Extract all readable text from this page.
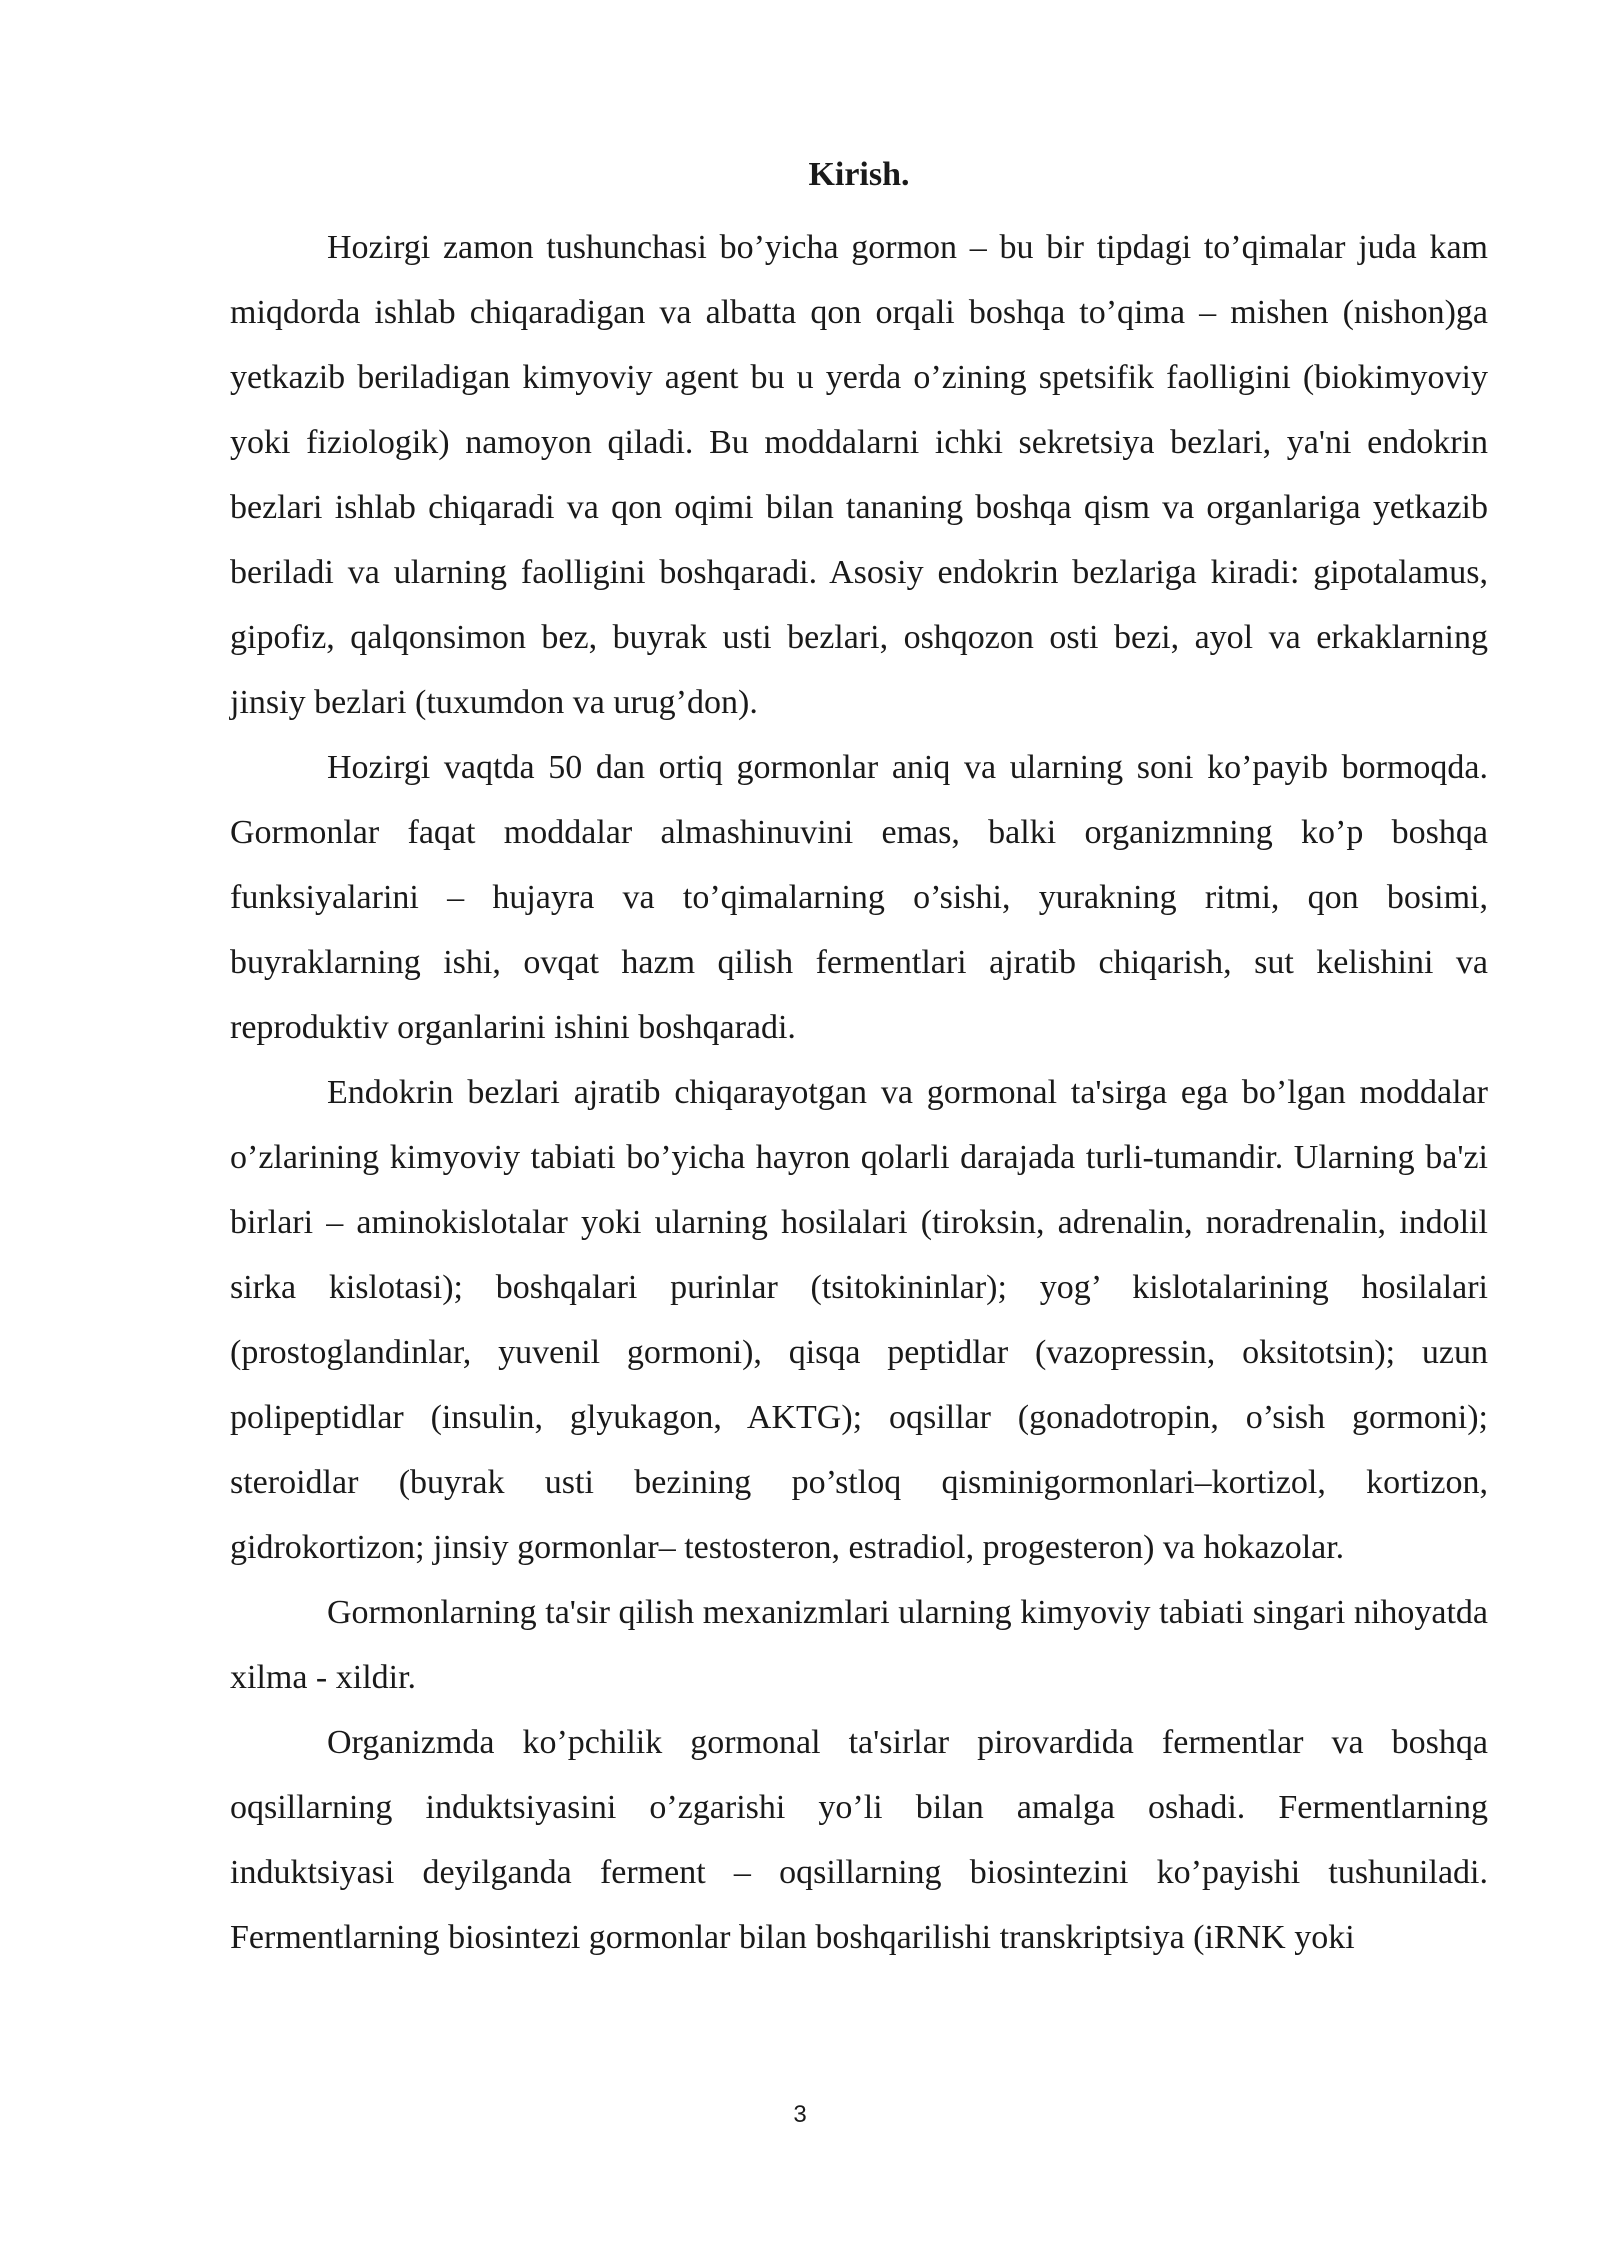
Kirish.

Hozirgi zamon tushunchasi bo’yicha gormon – bu bir tipdagi to’qimalar juda kam miqdorda ishlab chiqaradigan va albatta qon orqali boshqa to’qima – mishen (nishon)ga yetkazib beriladigan kimyoviy agent bu u yerda o’zining spetsifik faolligini (biokimyoviy yoki fiziologik) namoyon qiladi. Bu moddalarni ichki sekretsiya bezlari, ya'ni endokrin bezlari ishlab chiqaradi va qon oqimi bilan tananing boshqa qism va organlariga yetkazib beriladi va ularning faolligini boshqaradi. Asosiy endokrin bezlariga kiradi: gipotalamus, gipofiz, qalqonsimon bez, buyrak usti bezlari, oshqozon osti bezi, ayol va erkaklarning jinsiy bezlari (tuxumdon va urug’don).

Hozirgi vaqtda 50 dan ortiq gormonlar aniq va ularning soni ko’payib bormoqda. Gormonlar faqat moddalar almashinuvini emas, balki organizmning ko’p boshqa funksiyalarini – hujayra va to’qimalarning o’sishi, yurakning ritmi, qon bosimi, buyraklarning ishi, ovqat hazm qilish fermentlari ajratib chiqarish, sut kelishini va reproduktiv organlarini ishini boshqaradi.

Endokrin bezlari ajratib chiqarayotgan va gormonal ta'sirga ega bo’lgan moddalar o’zlarining kimyoviy tabiati bo’yicha hayron qolarli darajada turli-tumandir. Ularning ba'zi birlari – aminokislotalar yoki ularning hosilalari (tiroksin, adrenalin, noradrenalin, indolil sirka kislotasi); boshqalari purinlar (tsitokininlar); yog’ kislotalarining hosilalari (prostoglandinlar, yuvenil gormoni), qisqa peptidlar (vazopressin, oksitotsin); uzun polipeptidlar (insulin, glyukagon, AKTG); oqsillar (gonadotropin, o’sish gormoni); steroidlar (buyrak usti bezining po’stloq qisminigormonlari–kortizol, kortizon, gidrokortizon; jinsiy gormonlar– testosteron, estradiol, progesteron) va hokazolar.

Gormonlarning ta'sir qilish mexanizmlari ularning kimyoviy tabiati singari nihoyatda xilma - xildir.

Organizmda ko’pchilik gormonal ta'sirlar pirovardida fermentlar va boshqa oqsillarning induktsiyasini o’zgarishi yo’li bilan amalga oshadi. Fermentlarning induktsiyasi deyilganda ferment – oqsillarning biosintezini ko’payishi tushuniladi. Fermentlarning biosintezi gormonlar bilan boshqarilishi transkriptsiya (iRNK yoki

3
